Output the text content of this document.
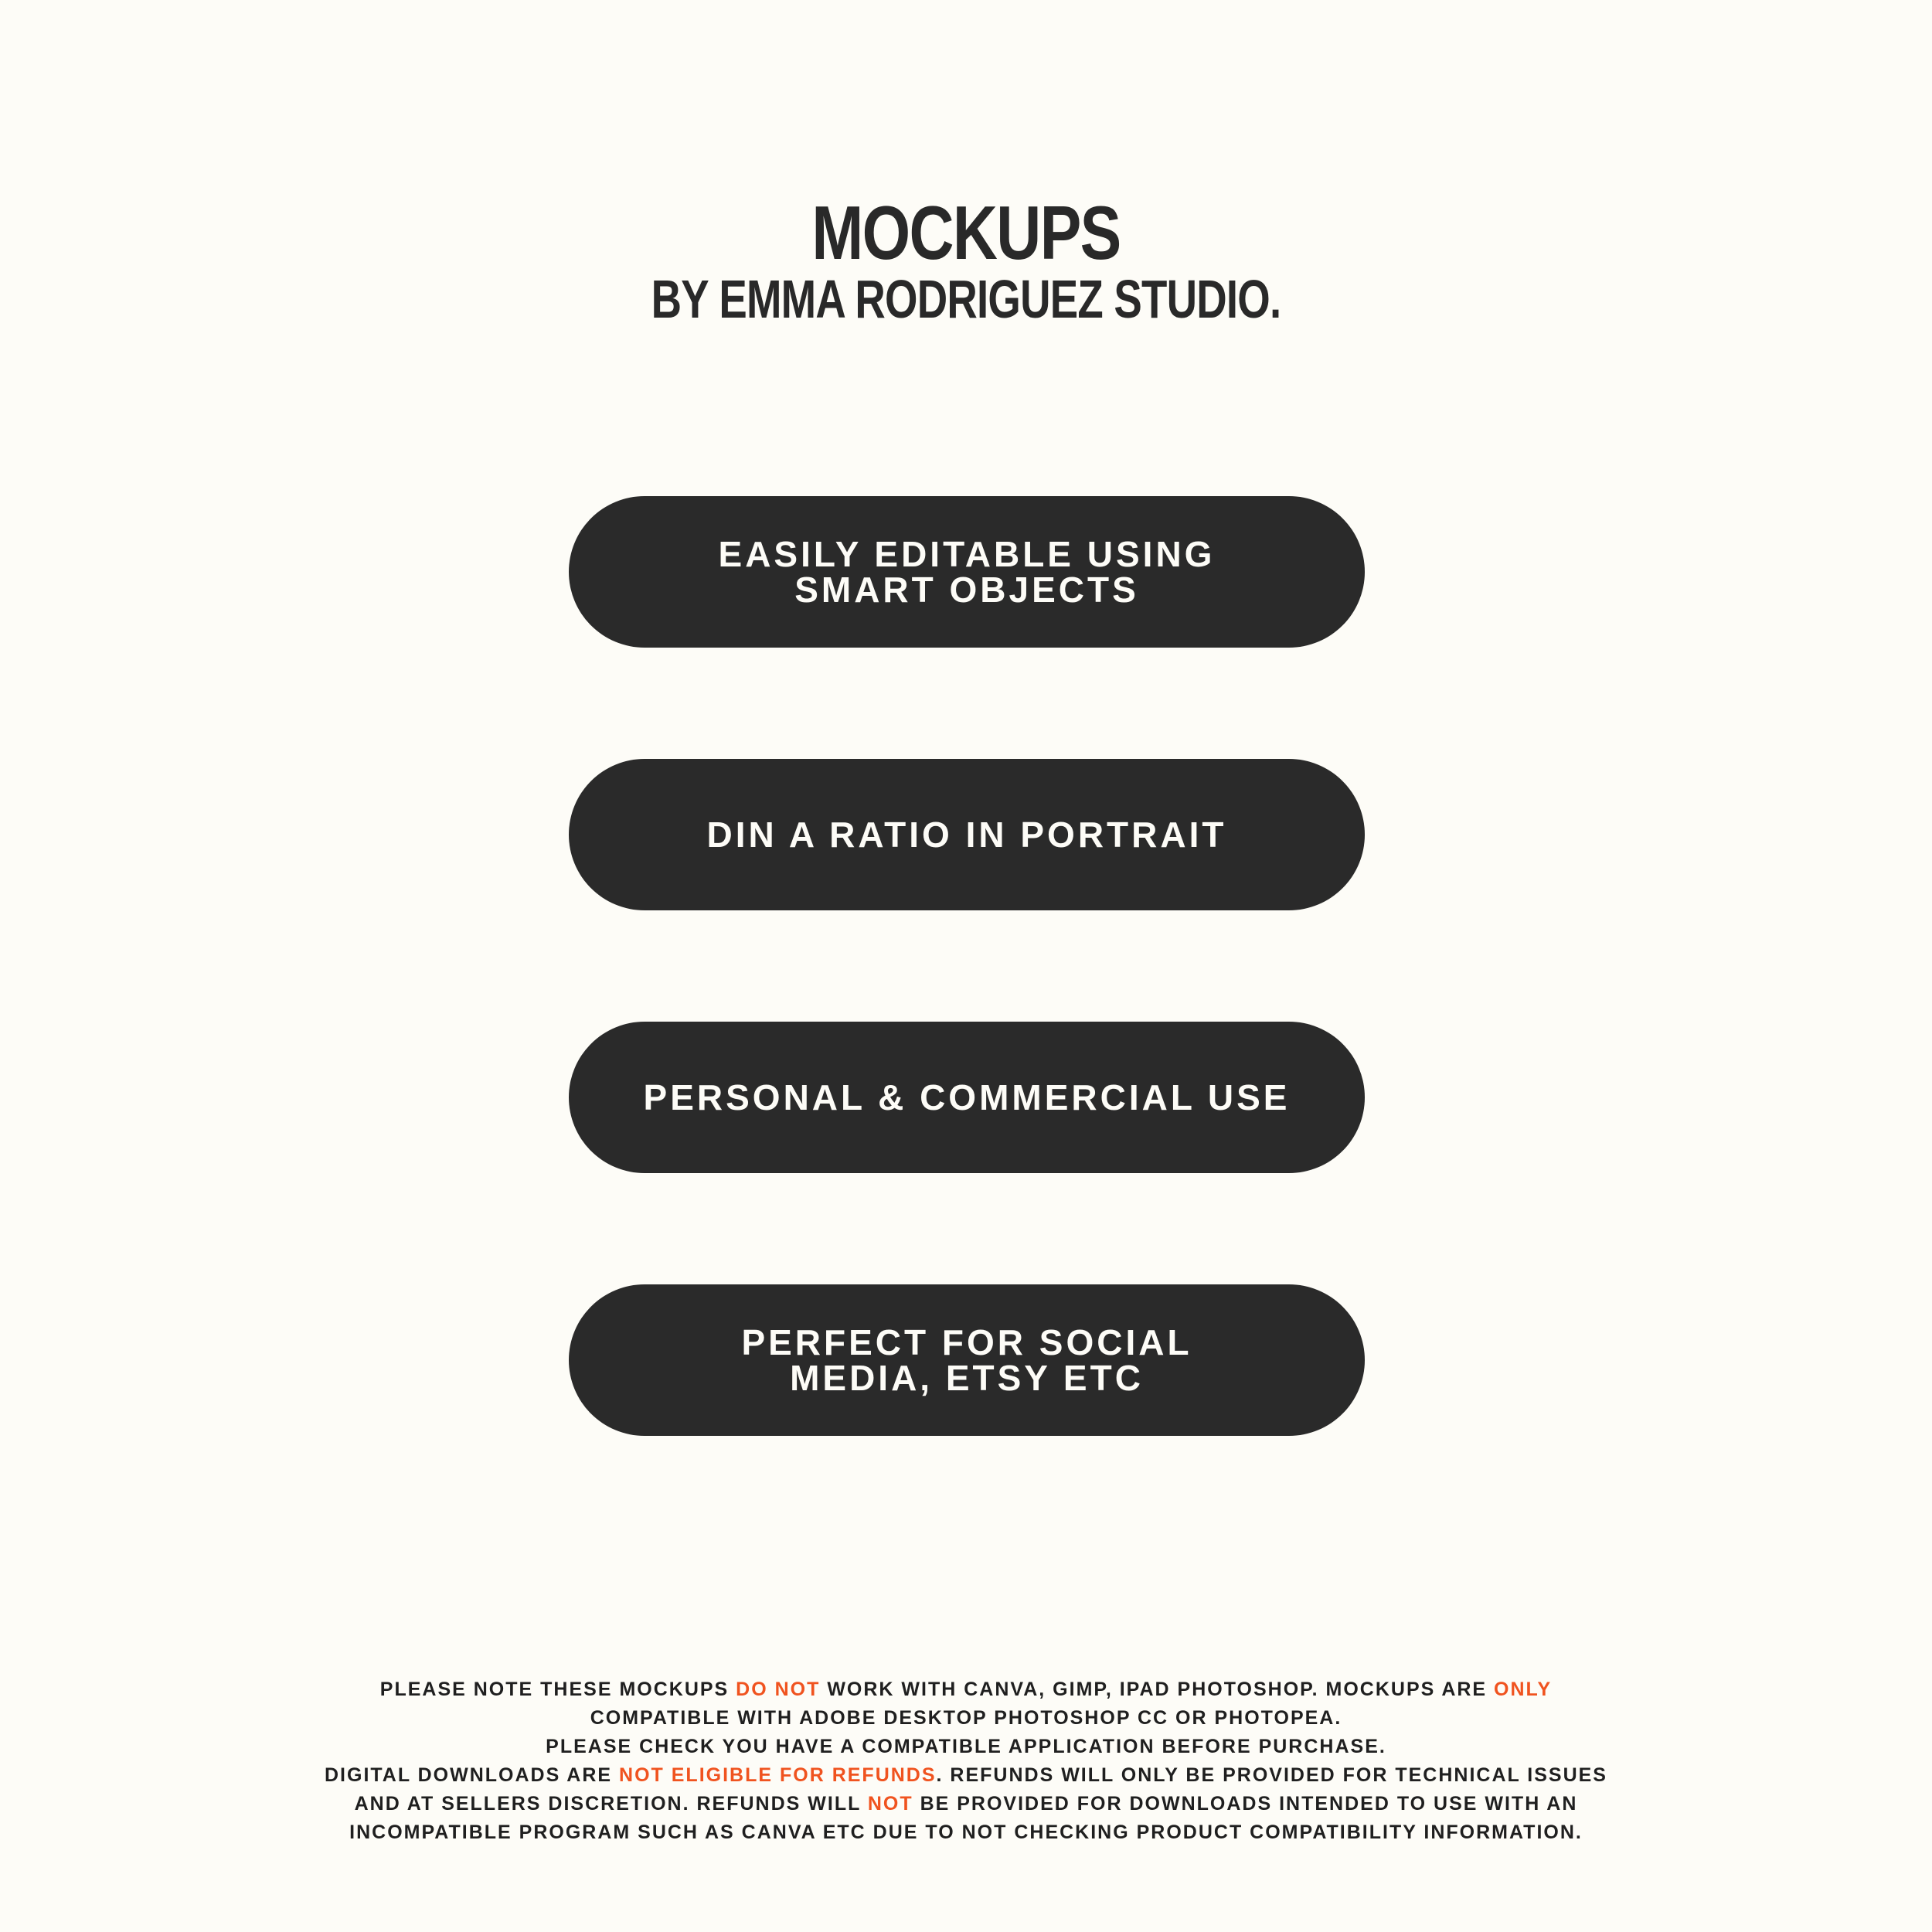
MOCKUPS
BY EMMA RODRIGUEZ STUDIO.
EASILY EDITABLE USING
SMART OBJECTS
DIN A RATIO IN PORTRAIT
PERSONAL & COMMERCIAL USE
PERFECT FOR SOCIAL
MEDIA, ETSY ETC
PLEASE NOTE THESE MOCKUPS DO NOT WORK WITH CANVA, GIMP, IPAD PHOTOSHOP. MOCKUPS ARE ONLY
COMPATIBLE WITH ADOBE DESKTOP PHOTOSHOP CC OR PHOTOPEA.
PLEASE CHECK YOU HAVE A COMPATIBLE APPLICATION BEFORE PURCHASE.
DIGITAL DOWNLOADS ARE NOT ELIGIBLE FOR REFUNDS. REFUNDS WILL ONLY BE PROVIDED FOR TECHNICAL ISSUES
AND AT SELLERS DISCRETION. REFUNDS WILL NOT BE PROVIDED FOR DOWNLOADS INTENDED TO USE WITH AN
INCOMPATIBLE PROGRAM SUCH AS CANVA ETC DUE TO NOT CHECKING PRODUCT COMPATIBILITY INFORMATION.
